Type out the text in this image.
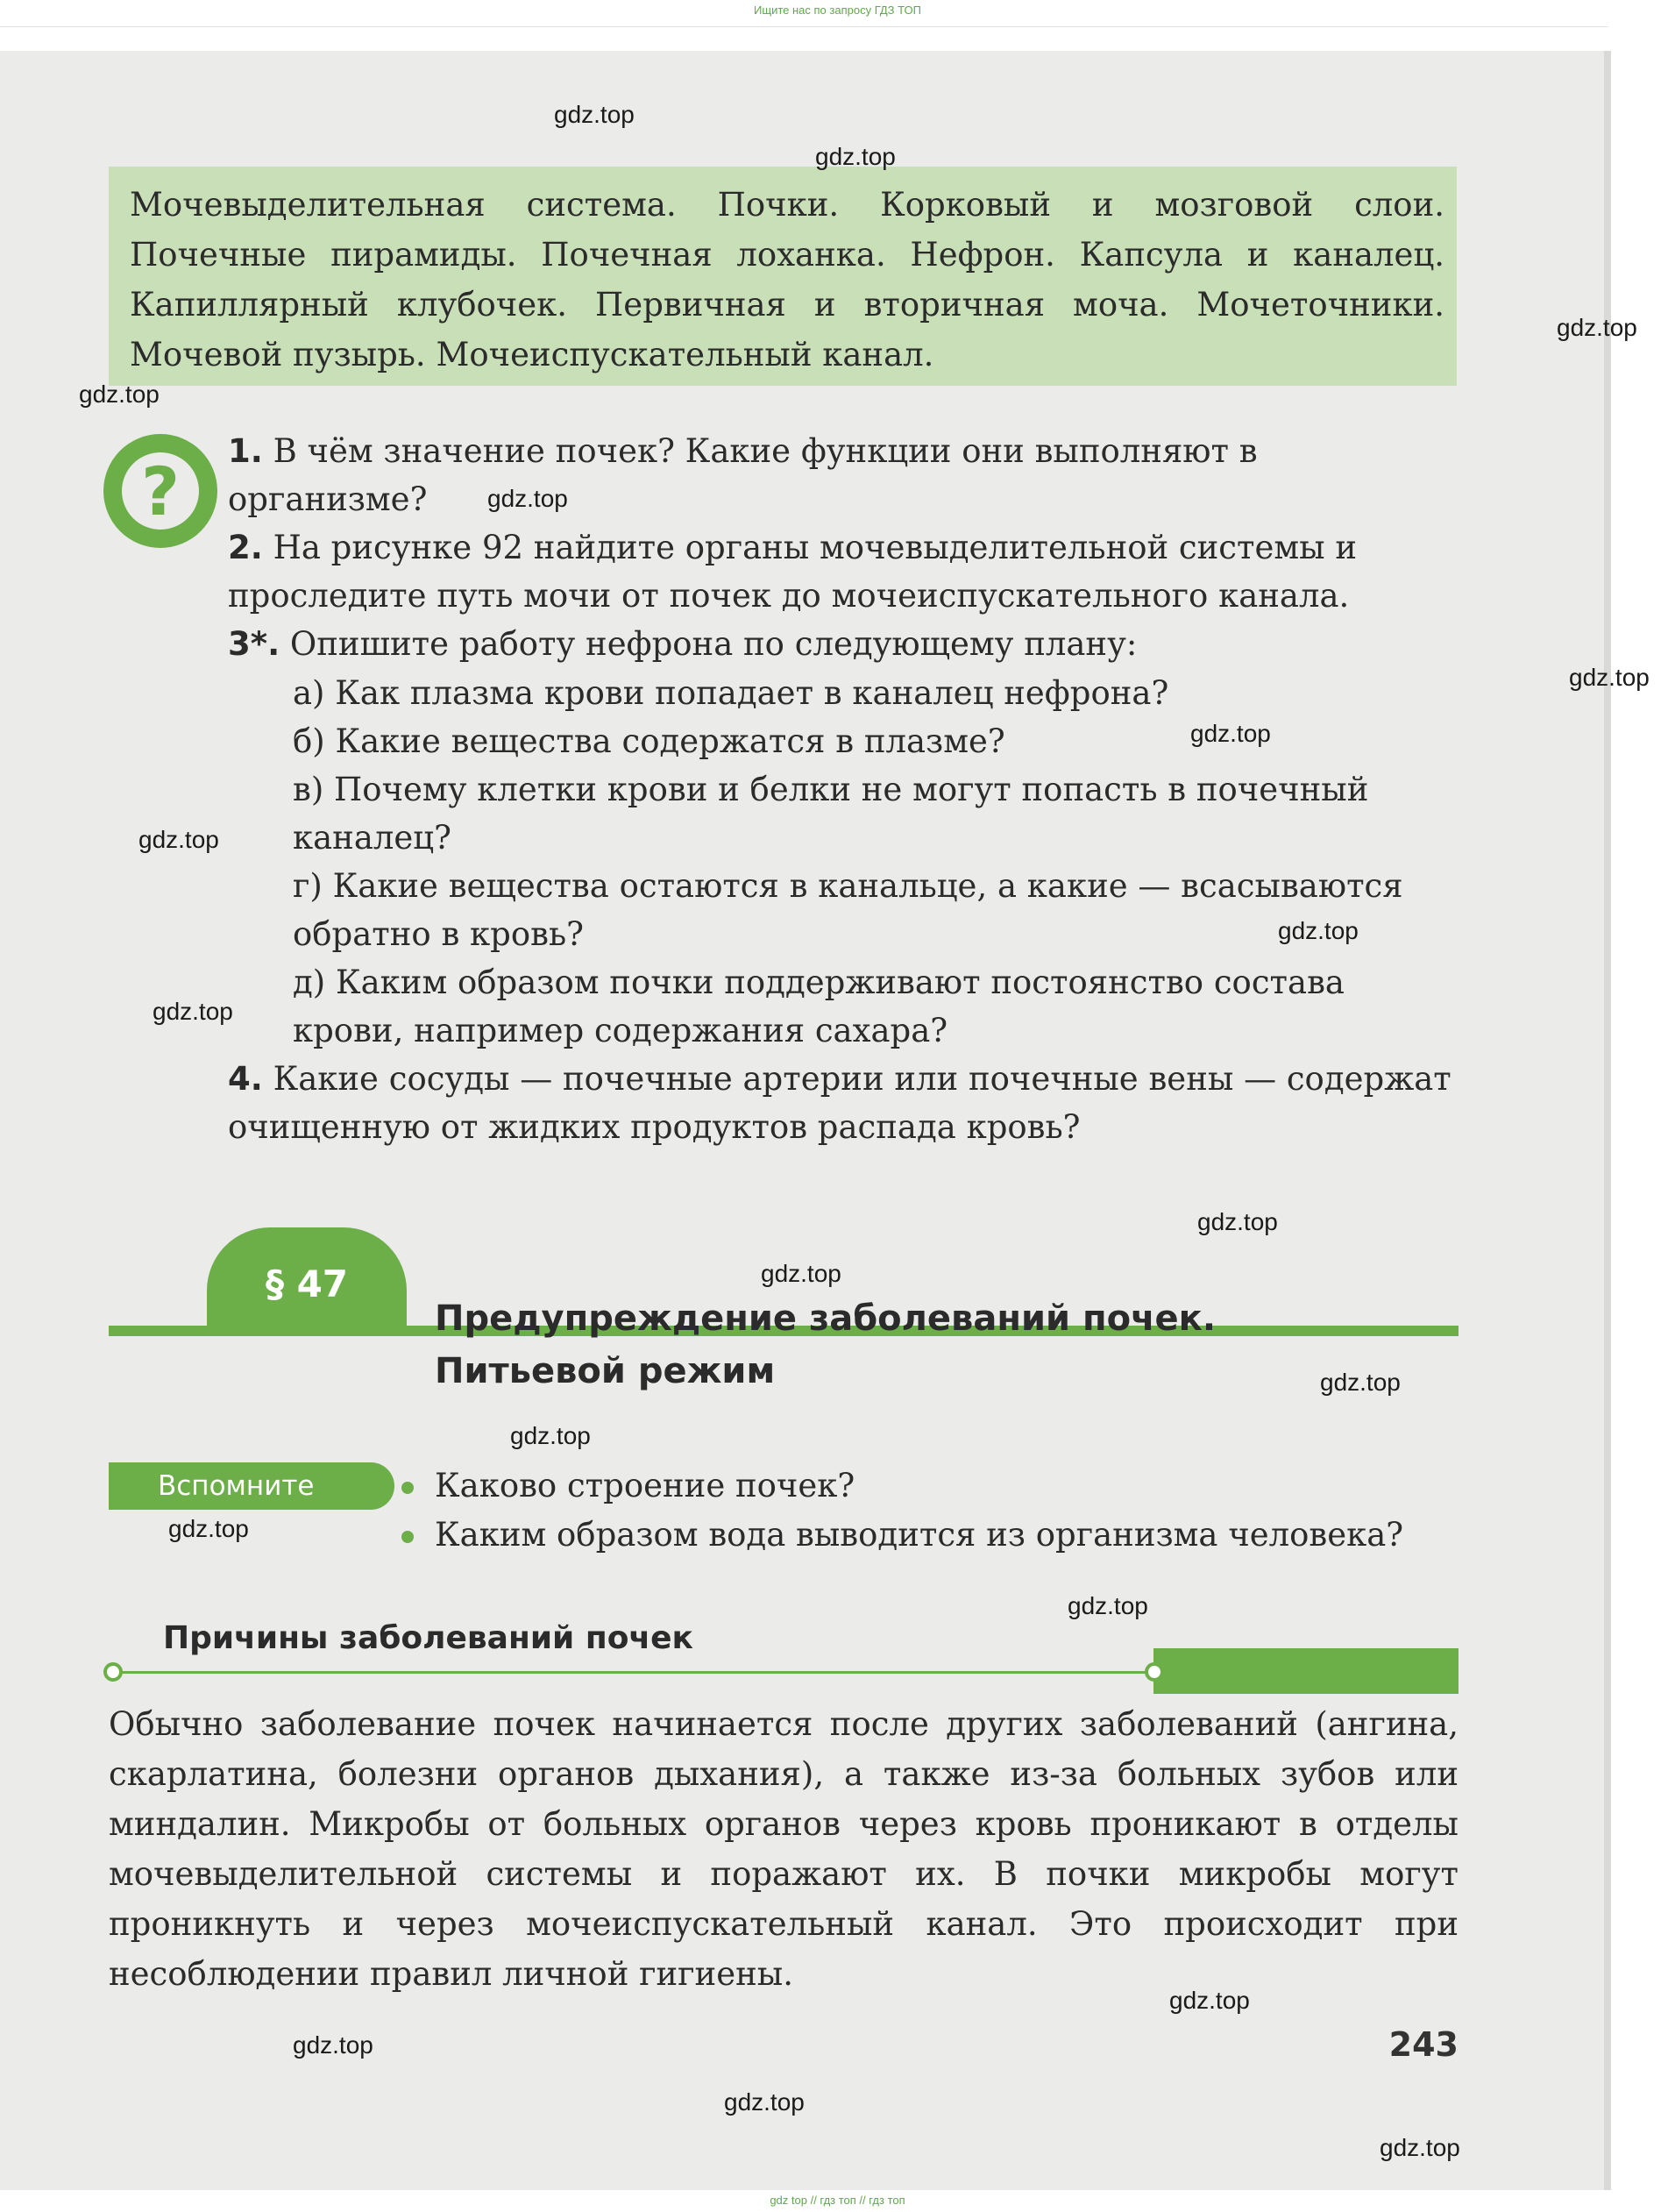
Ищите нас по запросу ГДЗ ТОП
Мочевыделительная система. Почки. Корковый и мозговой слои. Почечные пирамиды. Почечная лоханка. Нефрон. Капсула и каналец. Капиллярный клубочек. Первичная и вторичная моча. Мочеточники. Мочевой пузырь. Мочеиспускательный канал.
?
1. В чём значение почек? Какие функции они выполняют в организме?
2. На рисунке 92 найдите органы мочевыделительной системы и проследите путь мочи от почек до мочеиспускательного канала.
3*. Опишите работу нефрона по следующему плану:
а) Как плазма крови попадает в каналец нефрона?
б) Какие вещества содержатся в плазме?
в) Почему клетки крови и белки не могут попасть в почечный каналец?
г) Какие вещества остаются в канальце, а какие — всасываются обратно в кровь?
д) Каким образом почки поддерживают постоянство состава крови, например содержания сахара?
4. Какие сосуды — почечные артерии или почечные вены — содержат очищенную от жидких продуктов распада кровь?
§ 47
Предупреждение заболеваний почек.
Питьевой режим
Вспомните	Каково строение почек?
Каким образом вода выводится из организма человека?
Причины заболеваний почек
Обычно заболевание почек начинается после других заболеваний (ангина, скарлатина, болезни органов дыхания), а также из-за больных зубов или миндалин. Микробы от больных органов через кровь проникают в отделы мочевыделительной системы и поражают их. В почки микробы могут проникнуть и через мочеиспускательный канал. Это происходит при несоблюдении правил личной гигиены.
243
gdz.top
gdz.top
gdz.top
gdz.top
gdz.top
gdz.top
gdz.top
gdz.top
gdz.top
gdz.top
gdz.top
gdz.top
gdz.top
gdz.top
gdz.top
gdz.top
gdz.top
gdz.top
gdz.top
gdz.top
gdz top // гдз топ // гдз топ
